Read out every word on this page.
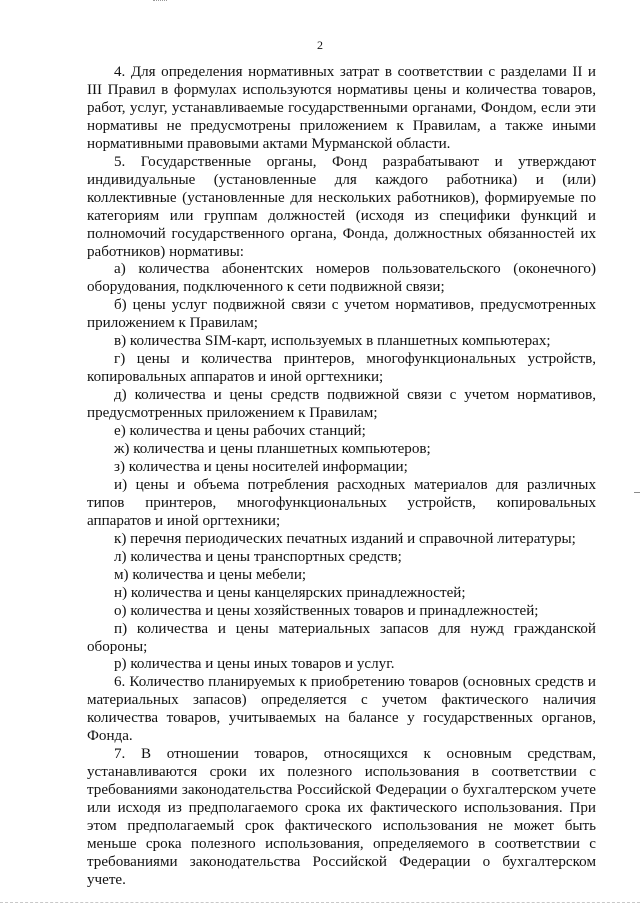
2

4. Для определения нормативных затрат в соответствии с разделами II и III Правил в формулах используются нормативы цены и количества товаров, работ, услуг, устанавливаемые государственными органами, Фондом, если эти нормативы не предусмотрены приложением к Правилам, а также иными нормативными правовыми актами Мурманской области.

5. Государственные органы, Фонд разрабатывают и утверждают индивидуальные (установленные для каждого работника) и (или) коллективные (установленные для нескольких работников), формируемые по категориям или группам должностей (исходя из специфики функций и полномочий государственного органа, Фонда, должностных обязанностей их работников) нормативы:

а) количества абонентских номеров пользовательского (оконечного) оборудования, подключенного к сети подвижной связи;

б) цены услуг подвижной связи с учетом нормативов, предусмотренных приложением к Правилам;

в) количества SIM-карт, используемых в планшетных компьютерах;

г) цены и количества принтеров, многофункциональных устройств, копировальных аппаратов и иной оргтехники;

д) количества и цены средств подвижной связи с учетом нормативов, предусмотренных приложением к Правилам;

е) количества и цены рабочих станций;

ж) количества и цены планшетных компьютеров;

з) количества и цены носителей информации;

и) цены и объема потребления расходных материалов для различных типов принтеров, многофункциональных устройств, копировальных аппаратов и иной оргтехники;

к) перечня периодических печатных изданий и справочной литературы;

л) количества и цены транспортных средств;

м) количества и цены мебели;

н) количества и цены канцелярских принадлежностей;

о) количества и цены хозяйственных товаров и принадлежностей;

п) количества и цены материальных запасов для нужд гражданской обороны;

р) количества и цены иных товаров и услуг.

6. Количество планируемых к приобретению товаров (основных средств и материальных запасов) определяется с учетом фактического наличия количества товаров, учитываемых на балансе у государственных органов, Фонда.

7. В отношении товаров, относящихся к основным средствам, устанавливаются сроки их полезного использования в соответствии с требованиями законодательства Российской Федерации о бухгалтерском учете или исходя из предполагаемого срока их фактического использования. При этом предполагаемый срок фактического использования не может быть меньше срока полезного использования, определяемого в соответствии с требованиями законодательства Российской Федерации о бухгалтерском учете.
